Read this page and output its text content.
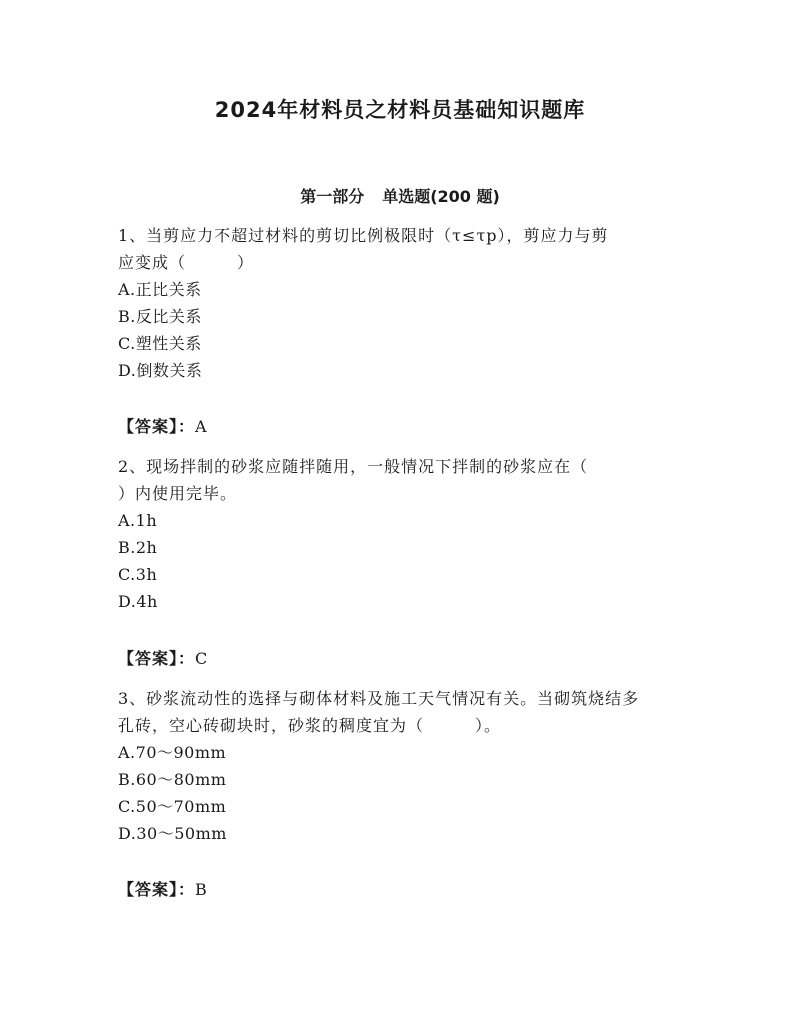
2024年材料员之材料员基础知识题库
第一部分 单选题(200 题)
1、当剪应力不超过材料的剪切比例极限时（τ≤τp），剪应力与剪
应变成（　　　）
A.正比关系
B.反比关系
C.塑性关系
D.倒数关系
【答案】：A
2、现场拌制的砂浆应随拌随用，一般情况下拌制的砂浆应在（
）内使用完毕。
A.1h
B.2h
C.3h
D.4h
【答案】：C
3、砂浆流动性的选择与砌体材料及施工天气情况有关。当砌筑烧结多
孔砖，空心砖砌块时，砂浆的稠度宜为（　　　）。
A.70～90mm
B.60～80mm
C.50～70mm
D.30～50mm
【答案】：B
